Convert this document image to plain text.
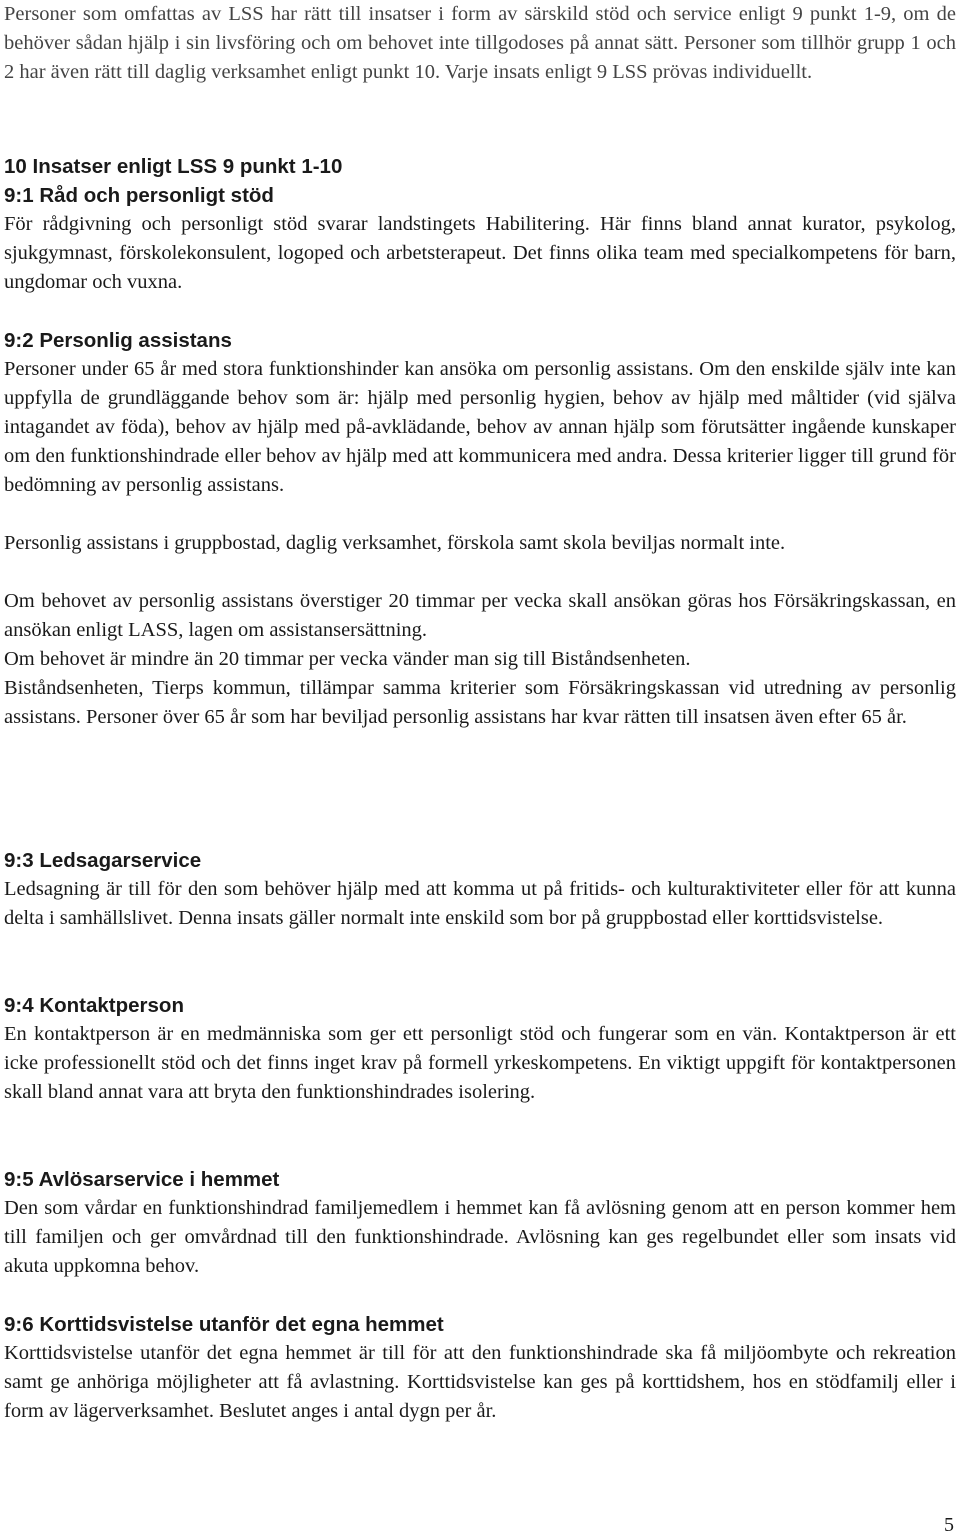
Personer som omfattas av LSS har rätt till insatser i form av särskild stöd och service enligt 9 punkt 1-9, om de behöver sådan hjälp i sin livsföring och om behovet inte tillgodoses på annat sätt. Personer som tillhör grupp 1 och 2 har även rätt till daglig verksamhet enligt punkt 10. Varje insats enligt 9 LSS prövas individuellt.

10 Insatser enligt LSS 9 punkt 1-10
9:1 Råd och personligt stöd

För rådgivning och personligt stöd svarar landstingets Habilitering. Här finns bland annat kurator, psykolog, sjukgymnast, förskolekonsulent, logoped och arbetsterapeut. Det finns olika team med specialkompetens för barn, ungdomar och vuxna.

9:2 Personlig assistans

Personer under 65 år med stora funktionshinder kan ansöka om personlig assistans. Om den enskilde själv inte kan uppfylla de grundläggande behov som är: hjälp med personlig hygien, behov av hjälp med måltider (vid själva intagandet av föda), behov av hjälp med på-avklädande, behov av annan hjälp som förutsätter ingående kunskaper om den funktionshindrade eller behov av hjälp med att kommunicera med andra. Dessa kriterier ligger till grund för bedömning av personlig assistans.

Personlig assistans i gruppbostad, daglig verksamhet, förskola samt skola beviljas normalt inte.

Om behovet av personlig assistans överstiger 20 timmar per vecka skall ansökan göras hos Försäkringskassan, en ansökan enligt LASS, lagen om assistansersättning.

Om behovet är mindre än 20 timmar per vecka vänder man sig till Biståndsenheten.

Biståndsenheten, Tierps kommun, tillämpar samma kriterier som Försäkringskassan vid utredning av personlig assistans. Personer över 65 år som har beviljad personlig assistans har kvar rätten till insatsen även efter 65 år.

9:3 Ledsagarservice

Ledsagning är till för den som behöver hjälp med att komma ut på fritids- och kulturaktiviteter eller för att kunna delta i samhällslivet. Denna insats gäller normalt inte enskild som bor på gruppbostad eller korttidsvistelse.

9:4 Kontaktperson

En kontaktperson är en medmänniska som ger ett personligt stöd och fungerar som en vän. Kontaktperson är ett icke professionellt stöd och det finns inget krav på formell yrkeskompetens. En viktigt uppgift för kontaktpersonen skall bland annat vara att bryta den funktionshindrades isolering.

9:5 Avlösarservice i hemmet

Den som vårdar en funktionshindrad familjemedlem i hemmet kan få avlösning genom att en person kommer hem till familjen och ger omvårdnad till den funktionshindrade. Avlösning kan ges regelbundet eller som insats vid akuta uppkomna behov.

9:6 Korttidsvistelse utanför det egna hemmet

Korttidsvistelse utanför det egna hemmet är till för att den funktionshindrade ska få miljöombyte och rekreation samt ge anhöriga möjligheter att få avlastning. Korttidsvistelse kan ges på korttidshem, hos en stödfamilj eller i form av lägerverksamhet. Beslutet anges i antal dygn per år.

5
